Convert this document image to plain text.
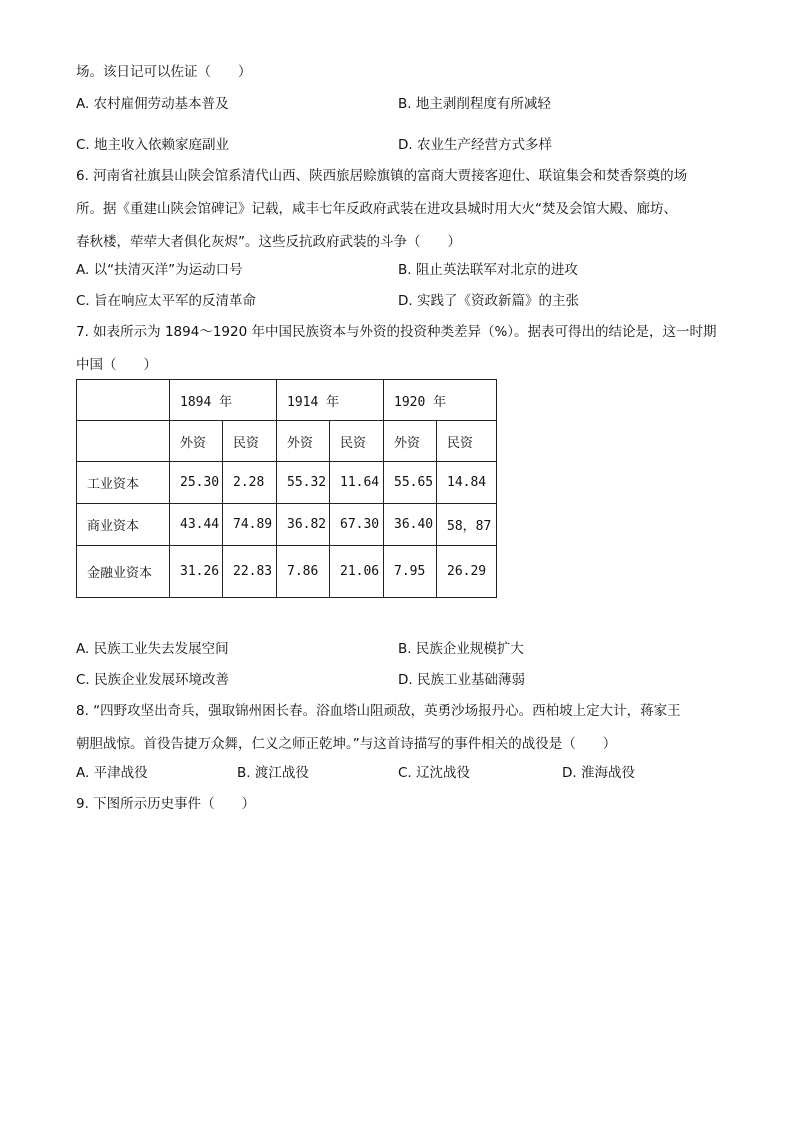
场。该日记可以佐证（　　）
A. 农村雇佣劳动基本普及	B. 地主剥削程度有所减轻
C. 地主收入依赖家庭副业	D. 农业生产经营方式多样
6. 河南省社旗县山陕会馆系清代山西、陕西旅居赊旗镇的富商大贾接客迎仕、联谊集会和焚香祭奠的场
所。据《重建山陕会馆碑记》记载，咸丰七年反政府武装在进攻县城时用大火“焚及会馆大殿、廊坊、
春秋楼，荦荦大者俱化灰烬”。这些反抗政府武装的斗争（　　）
A. 以“扶清灭洋”为运动口号	B. 阻止英法联军对北京的进攻
C. 旨在响应太平军的反清革命	D. 实践了《资政新篇》的主张
7. 如表所示为 1894～1920 年中国民族资本与外资的投资种类差异（%）。据表可得出的结论是，这一时期
中国（　　）
	1894 年		1914 年		1920 年	
	外资	民资	外资	民资	外资	民资
工业资本	25.30	2.28	55.32	11.64	55.65	14.84
商业资本	43.44	74.89	36.82	67.30	36.40	58，87
金融业资本	31.26	22.83	7.86	21.06	7.95	26.29
A. 民族工业失去发展空间	B. 民族企业规模扩大
C. 民族企业发展环境改善	D. 民族工业基础薄弱
8. “四野攻坚出奇兵，强取锦州困长春。浴血塔山阻顽敌，英勇沙场报丹心。西柏坡上定大计，蒋家王
朝胆战惊。首役告捷万众舞，仁义之师正乾坤。”与这首诗描写的事件相关的战役是（　　）
A. 平津战役	B. 渡江战役	C. 辽沈战役	D. 淮海战役
9. 下图所示历史事件（　　）
